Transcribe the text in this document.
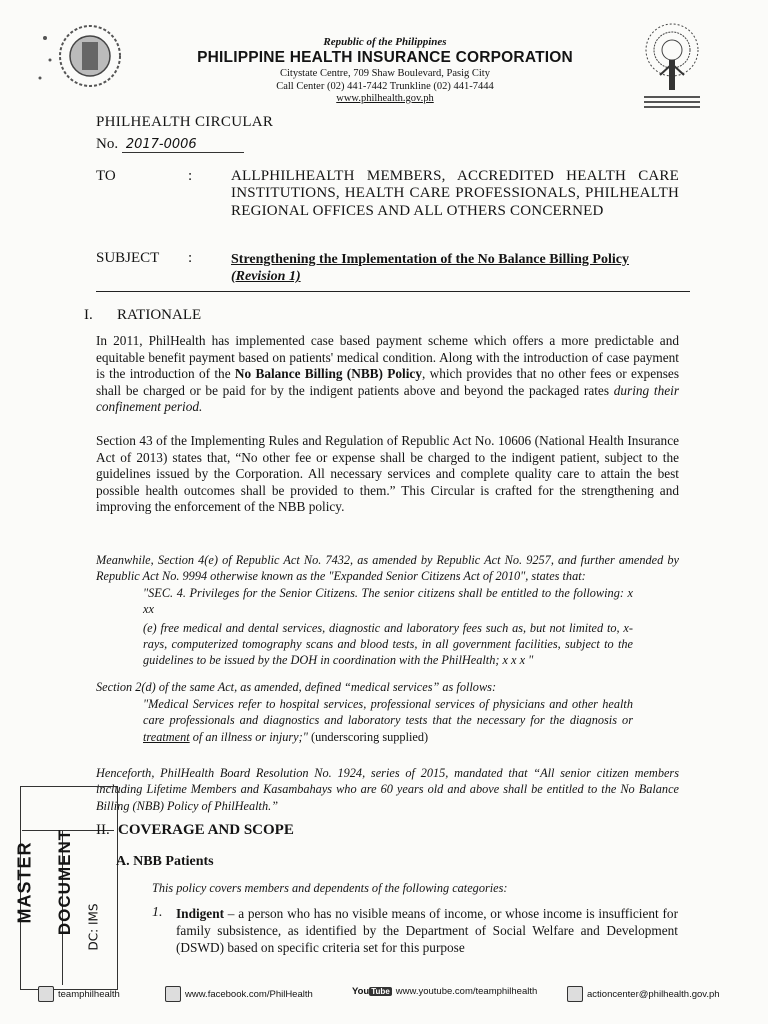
Republic of the Philippines
PHILIPPINE HEALTH INSURANCE CORPORATION
Citystate Centre, 709 Shaw Boulevard, Pasig City
Call Center (02) 441-7442 Trunkline (02) 441-7444
www.philhealth.gov.ph
PHILHEALTH CIRCULAR
No. 2017-0006
TO	:	ALLPHILHEALTH MEMBERS, ACCREDITED HEALTH CARE INSTITUTIONS, HEALTH CARE PROFESSIONALS, PHILHEALTH REGIONAL OFFICES AND ALL OTHERS CONCERNED
SUBJECT :	Strengthening the Implementation of the No Balance Billing Policy
(Revision 1)
I. RATIONALE
In 2011, PhilHealth has implemented case based payment scheme which offers a more predictable and equitable benefit payment based on patients' medical condition. Along with the introduction of case payment is the introduction of the No Balance Billing (NBB) Policy, which provides that no other fees or expenses shall be charged or be paid for by the indigent patients above and beyond the packaged rates during their confinement period.
Section 43 of the Implementing Rules and Regulation of Republic Act No. 10606 (National Health Insurance Act of 2013) states that, “No other fee or expense shall be charged to the indigent patient, subject to the guidelines issued by the Corporation. All necessary services and complete quality care to attain the best possible health outcomes shall be provided to them.” This Circular is crafted for the strengthening and improving the enforcement of the NBB policy.
Meanwhile, Section 4(e) of Republic Act No. 7432, as amended by Republic Act No. 9257, and further amended by Republic Act No. 9994 otherwise known as the "Expanded Senior Citizens Act of 2010", states that:

"SEC. 4. Privileges for the Senior Citizens. The senior citizens shall be entitled to the following: x xx

(e) free medical and dental services, diagnostic and laboratory fees such as, but not limited to, x-rays, computerized tomography scans and blood tests, in all government facilities, subject to the guidelines to be issued by the DOH in coordination with the PhilHealth; x x x "

Section 2(d) of the same Act, as amended, defined “medical services” as follows:
"Medical Services refer to hospital services, professional services of physicians and other health care professionals and diagnostics and laboratory tests that the necessary for the diagnosis or treatment of an illness or injury;" (underscoring supplied)
Henceforth, PhilHealth Board Resolution No. 1924, series of 2015, mandated that “All senior citizen members including Lifetime Members and Kasambahays who are 60 years old and above shall be entitled to the No Balance Billing (NBB) Policy of PhilHealth.”
MASTER DOCUMENT DC: IMS
II. COVERAGE AND SCOPE
A. NBB Patients
This policy covers members and dependents of the following categories:
1. Indigent – a person who has no visible means of income, or whose income is insufficient for family subsistence, as identified by the Department of Social Welfare and Development (DSWD) based on specific criteria set for this purpose
teamphilhealth	www.facebook.com/PhilHealth	You Tube www.youtube.com/teamphilhealth	actioncenter@philhealth.gov.ph
